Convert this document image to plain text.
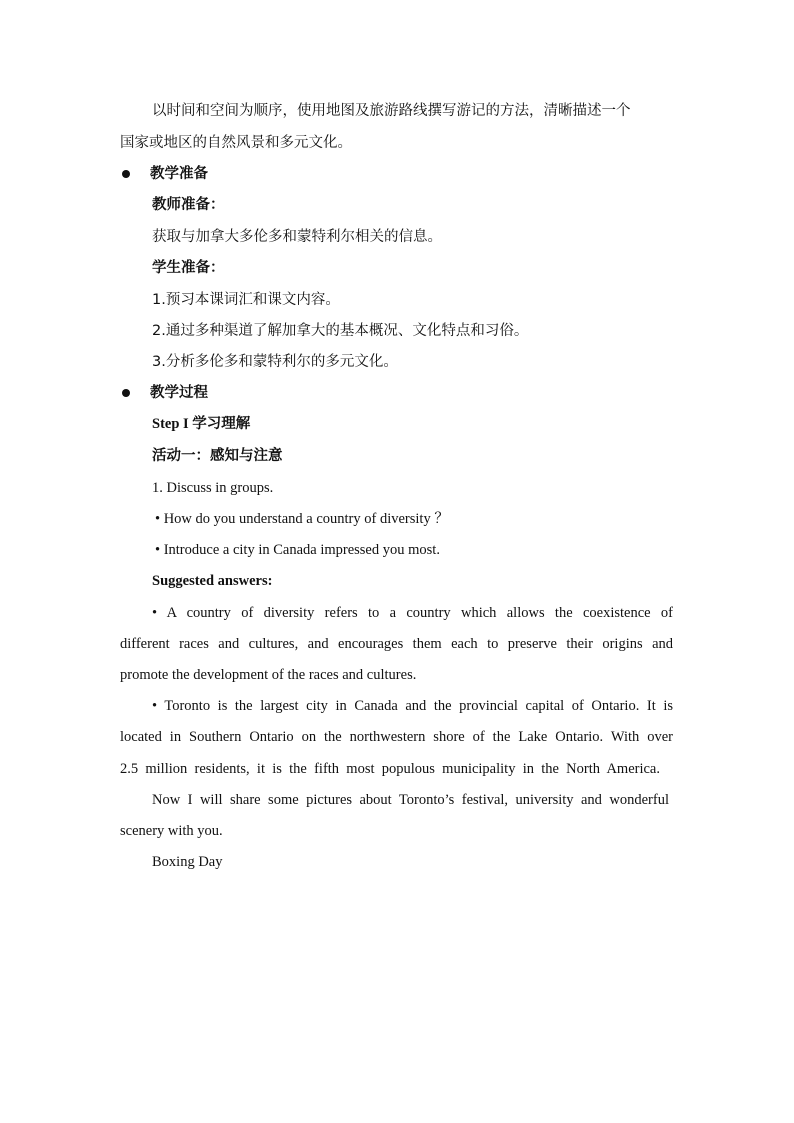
以时间和空间为顺序，使用地图及旅游路线撰写游记的方法，清晰描述一个
国家或地区的自然风景和多元文化。
教学准备
教师准备：
获取与加拿大多伦多和蒙特利尔相关的信息。
学生准备：
1.预习本课词汇和课文内容。
2.通过多种渠道了解加拿大的基本概况、文化特点和习俗。
3.分析多伦多和蒙特利尔的多元文化。
教学过程
Step I 学习理解
活动一：感知与注意
1. Discuss in groups.
• How do you understand a country of diversity ？
• Introduce a city in Canada impressed you most.
Suggested answers:
• A country of diversity refers to a country which allows the coexistence of
different races and cultures, and encourages them each to preserve their origins and
promote the development of the races and cultures.
• Toronto is the largest city in Canada and the provincial capital of Ontario. It is
located in Southern Ontario on the northwestern shore of the Lake Ontario. With over
2.5 million residents, it is the fifth most populous municipality in the North America.
Now I will share some pictures about Toronto’s festival, university and wonderful
scenery with you.
Boxing Day
